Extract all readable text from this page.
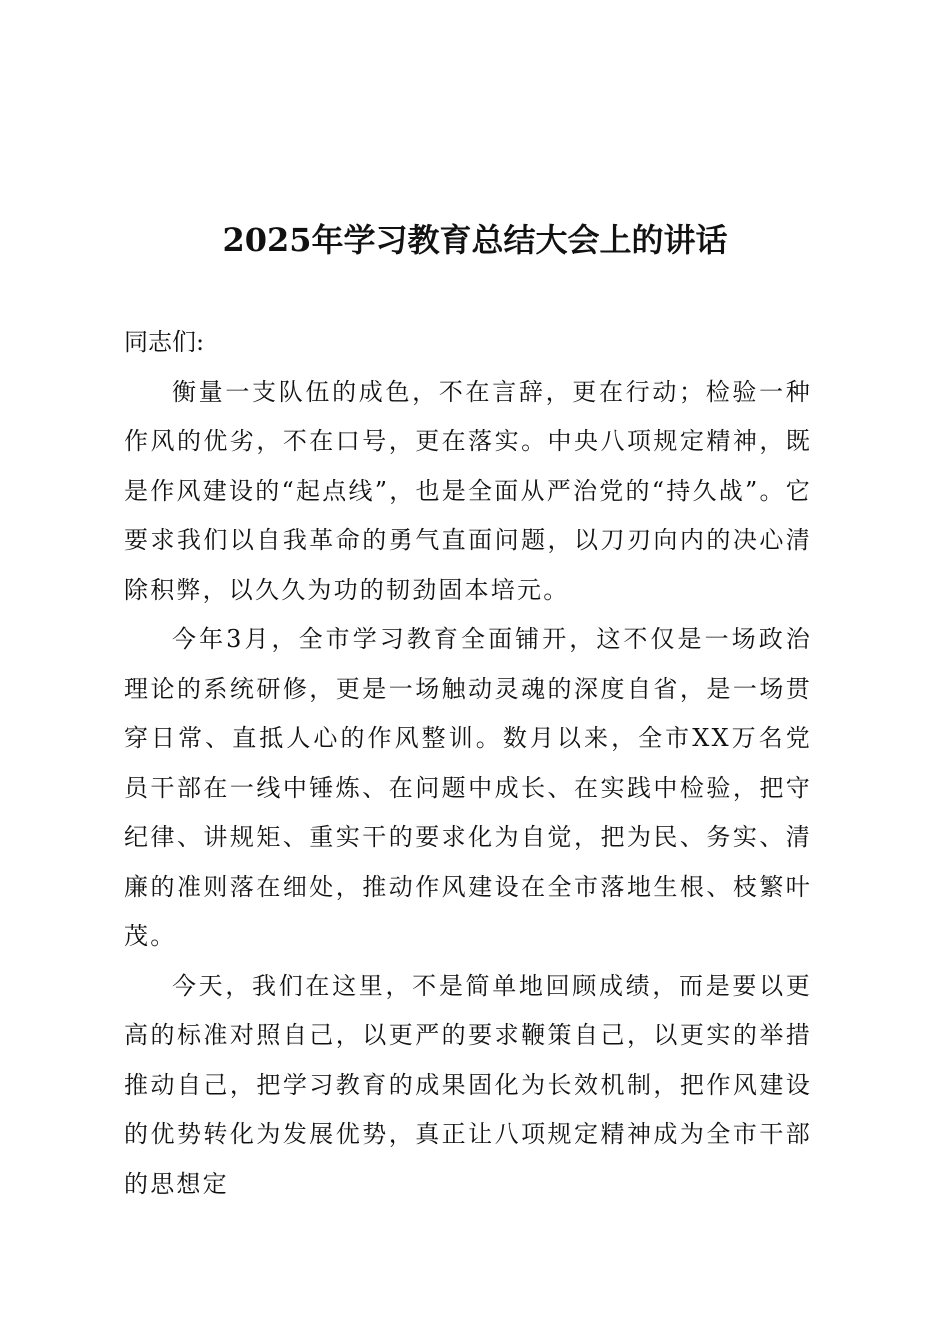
2025年学习教育总结大会上的讲话

同志们:

衡量一支队伍的成色，不在言辞，更在行动；检验一种作风的优劣，不在口号，更在落实。中央八项规定精神，既是作风建设的“起点线”，也是全面从严治党的“持久战”。它要求我们以自我革命的勇气直面问题，以刀刃向内的决心清除积弊，以久久为功的韧劲固本培元。

今年3月，全市学习教育全面铺开，这不仅是一场政治理论的系统研修，更是一场触动灵魂的深度自省，是一场贯穿日常、直抵人心的作风整训。数月以来，全市XX万名党员干部在一线中锤炼、在问题中成长、在实践中检验，把守纪律、讲规矩、重实干的要求化为自觉，把为民、务实、清廉的准则落在细处，推动作风建设在全市落地生根、枝繁叶茂。

今天，我们在这里，不是简单地回顾成绩，而是要以更高的标准对照自己，以更严的要求鞭策自己，以更实的举措推动自己，把学习教育的成果固化为长效机制，把作风建设的优势转化为发展优势，真正让八项规定精神成为全市干部的思想定
